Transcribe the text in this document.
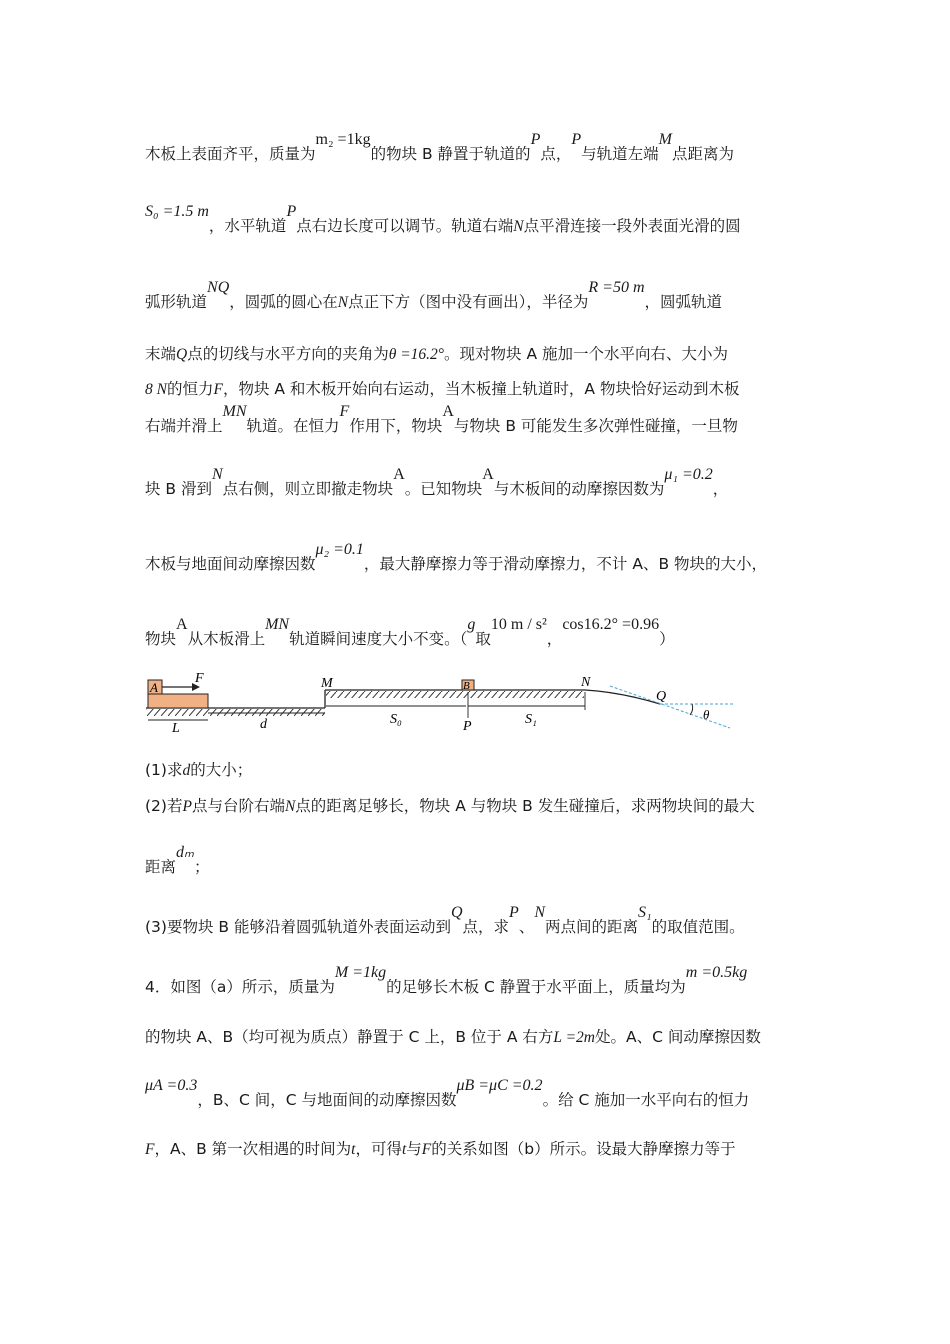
木板上表面齐平，质量为m₂ =1kg的物块 B 静置于轨道的P点，P与轨道左端M点距离为
S₀ =1.5 m，水平轨道P点右边长度可以调节。轨道右端N点平滑连接一段外表面光滑的圆
弧形轨道NQ，圆弧的圆心在N点正下方（图中没有画出），半径为R =50 m，圆弧轨道
末端Q点的切线与水平方向的夹角为θ =16.2°。现对物块 A 施加一个水平向右、大小为
8 N的恒力F，物块 A 和木板开始向右运动，当木板撞上轨道时，A 物块恰好运动到木板
右端并滑上MN轨道。在恒力F作用下，物块A与物块 B 可能发生多次弹性碰撞，一旦物
块 B 滑到N点右侧，则立即撤走物块A。已知物块A与木板间的动摩擦因数为μ₁ =0.2，
木板与地面间动摩擦因数μ₂ =0.1，最大静摩擦力等于滑动摩擦力，不计 A、B 物块的大小，
物块A从木板滑上MN轨道瞬间速度大小不变。（g取10 m / s²，cos16.2° =0.96）
A
F	B
L	d
M
S₀	P	S₁
N
Q
θ
(1)求d的大小；
(2)若P点与台阶右端N点的距离足够长，物块 A 与物块 B 发生碰撞后，求两物块间的最大
距离dₘ；
(3)要物块 B 能够沿着圆弧轨道外表面运动到Q点，求P、N两点间的距离S₁的取值范围。
4．如图（a）所示，质量为M =1kg的足够长木板 C 静置于水平面上，质量均为m =0.5kg
的物块 A、B（均可视为质点）静置于 C 上，B 位于 A 右方L =2m处。A、C 间动摩擦因数
μA =0.3，B、C 间，C 与地面间的动摩擦因数μB =μC =0.2。给 C 施加一水平向右的恒力
F，A、B 第一次相遇的时间为t，可得t与F的关系如图（b）所示。设最大静摩擦力等于
